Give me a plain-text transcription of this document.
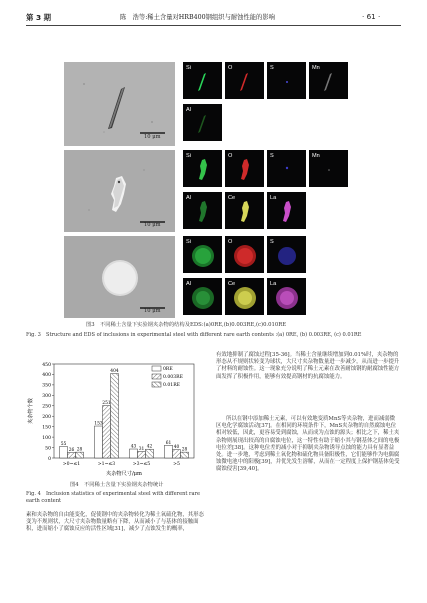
第 3 期	陈　浩等:稀土含量对HRB400钢组织与耐蚀性能的影响	· 61 ·
10 μm
Si	O	S	Mn
Al
10 μm
Si	O	S	Mn
Al	Ce	La
10 μm
Si	O	S
Al	Ce	La
图3　不同稀土含量下实验钢夹杂物的结构及EDS:(a)0RE,(b)0.003RE,(c)0.010RE
Fig. 3　Structure and EDS of inclusions in experimental steel with different rare earth contents :(a) 0RE, (b) 0.003RE, (c) 0.01RE
0
50
100
150
200
250
300
350
400
450
55
26 28
153
251
404
43
31 42
61
40
28
>0~≤1	>1~≤3	>3~≤5	>5
0RE
0.003RE
0.01RE
夹杂物个数
夹杂物尺寸/μm
图4　不同稀土含量下实验钢夹杂物统计
Fig. 4　Inclusion statistics of experimental steel with different rare earth content
素和夹杂物的自由能变化，促使钢中的夹杂物转化为稀土氧硫化物，其形态变为不规则状，大尺寸夹杂物数量略有下降，从而减小了与基体的接触面积，进而缩小了腐蚀反应的活性区域[31]，减少了点蚀发生的概率，
有效地抑制了腐蚀过程[35-36]。当稀土含量继续增加到0.01%时，夹杂物的形态从不规则状转变为球状，大尺寸夹杂物数量进一步减少，从而进一步提升了材料的耐蚀性。这一现象充分说明了稀土元素在改善耐蚀钢的耐腐蚀性能方面发挥了积极作用，能够有效提高钢材的抗腐蚀能力。
所以在钢中添加稀土元素，可以有效地变质MnS等夹杂物，进而减弱微区电化学腐蚀活动[37]。在相同的环境条件下，MnS夹杂物的自然腐蚀电位相对较低，因此，更容易受到腐蚀，从而成为点蚀的源头；相比之下，稀土夹杂物则展现出较高的自腐蚀电位，这一特性有助于缩小其与钢基体之间的电极电位差[38]。这种电位差的减小对于抑制夹杂物诱导点蚀的能力具有显著益处。进一步地，考虑到稀土氧化物和硫化物具备阳极性，它们能够作为电偶腐蚀微电池中的阳极[39]，并优先发生溶解，从而在一定程度上保护钢基体免受腐蚀侵害[39,40]。
